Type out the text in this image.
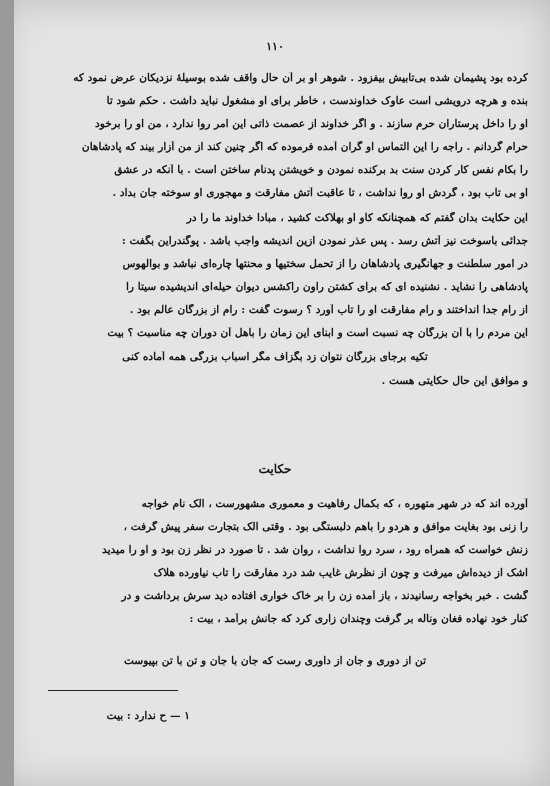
١١٠
کرده بود پشیمان شده بی‌تابیش بیفزود . شوهر او بر آن حال واقف شده بوسیله‌ٔ نزدیکان عرض نمود که
بنده و هرچه درویشی است عاوک خداوندست ، خاطر برای او مشغول نباید داشت . حکم شود تا
او را داخل پرستاران حرم سازند . و اگر خداوند از عصمت ذاتی این امر روا ندارد ، من او را برخود
حرام گردانم . راجه را این التماس او گران آمده فرموده که اگر چنین کند از من آزار بیند که پادشاهان
را بکام نفس کار کردن سنت بد برکنده نمودن و خویشتن پدنام ساختن است . با آنکه در عشق
او بی تاب بود ، گردش او روا نداشت ، تا عاقبت آتش مفارقت و مهجوری او سوخته جان بداد .
این حکایت بدان گفتم که همچنانکه کاو او بهلاکت کشید ، مبادا خداوند ما را در
جدائی باسوخت نیز آتش رسد . پس عذر نمودن ازین اندیشه واجب باشد . پوگندراین بگفت :
در امور سلطنت و جهانگیری پادشاهان را از تحمل سختیها و محنتها چاره‌ای نباشد و بوالهوس
پادشاهی را نشاید . نشنیده ای که برای کشتن راون راکشس دیوان حیله‌ای اندیشیده سیتا را
از رام جدا انداختند و رام مفارقت او را تاب آورد ؟ رسوت گفت : رام از بزرگان عالم بود .
این مردم را با آن بزرگان چه نسبت است و ابنای این زمان را باهل آن دوران چه مناسبت ؟ بیت
تکیه برجای بزرگان نتوان زد بگزاف مگر اسباب بزرگی همه آماده کنی
و موافق این حال حکایتی هست .
حکایت
آورده اند که در شهر متهوره ، که بکمال رفاهیت و معموری مشهورست ، الک نام خواجه
را زنی بود بغایت موافق و هردو را باهم دلبستگی بود . وقتی الک بتجارت سفر پیش گرفت ،
زنش خواست که همراه رود ، سرد روا نداشت ، روان شد . تا صورد در نظر زن بود و او را میدید
اشک از دیده‌اش میرفت و چون از نظرش غایب شد درد مفارقت را تاب نیاورده هلاک
گشت . خبر بخواجه رسانیدند ، باز آمده زن را بر خاک خواری افتاده دید سرش برداشت و در
کنار خود نهاده فغان وناله بر گرفت وچندان زاری کرد که جانش برآمد ، بیت :
تن از دوری و جان از داوری رست که جان با جان و تن با تن بپیوست
١ — ح ندارد : بیت
